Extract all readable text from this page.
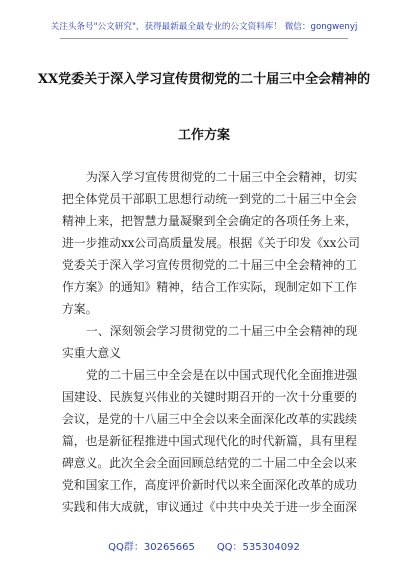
关注头条号"公文研究"，获得最新最全最专业的公文资料库！ 微信：gongwenyj
XX党委关于深入学习宣传贯彻党的二十届三中全会精神的
工作方案
为深入学习宣传贯彻党的二十届三中全会精神，切实
把全体党员干部职工思想行动统一到党的二十届三中全会
精神上来，把智慧力量凝聚到全会确定的各项任务上来，
进一步推动xx公司高质量发展。根据《关于印发《xx公司
党委关于深入学习宣传贯彻党的二十届三中全会精神的工
作方案》的通知》精神，结合工作实际，现制定如下工作
方案。
一、深刻领会学习贯彻党的二十届三中全会精神的现
实重大意义
党的二十届三中全会是在以中国式现代化全面推进强
国建设、民族复兴伟业的关键时期召开的一次十分重要的
会议，是党的十八届三中全会以来全面深化改革的实践续
篇，也是新征程推进中国式现代化的时代新篇，具有里程
碑意义。此次全会全面回顾总结党的二十届二中全会以来
党和国家工作，高度评价新时代以来全面深化改革的成功
实践和伟大成就，审议通过《中共中央关于进一步全面深
QQ群：30265665 QQ：535304092
